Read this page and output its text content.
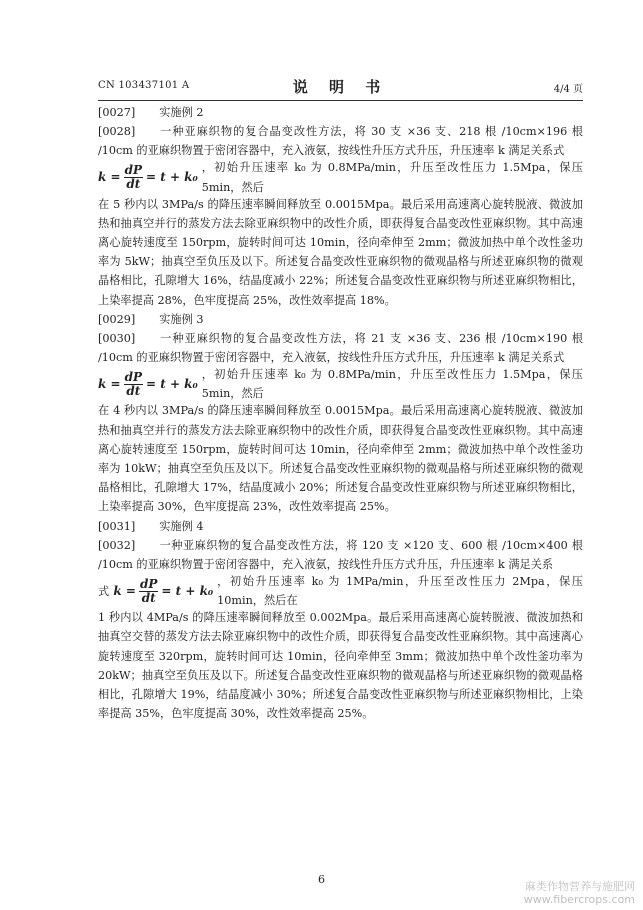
CN 103437101 A	说 明 书	4/4 页

[0027] 实施例 2

[0028] 一种亚麻织物的复合晶变改性方法，将 30 支 ×36 支、218 根 /10cm×196 根 /10cm 的亚麻织物置于密闭容器中，充入液氨，按线性升压方式升压，升压速率 k 满足关系式

k
= $\frac{dP}{dt} = t + k_0$
，初始升压速率 k₀ 为 0.8MPa/min，升压至改性压力 1.5Mpa，保压 5min，然后

在 5 秒内以 3MPa/s 的降压速率瞬间释放至 0.0015Mpa。最后采用高速离心旋转脱液、微波加热和抽真空并行的蒸发方法去除亚麻织物中的改性介质，即获得复合晶变改性亚麻织物。其中高速离心旋转速度至 150rpm，旋转时间可达 10min，径向牵伸至 2mm；微波加热中单个改性釜功率为 5kW；抽真空至负压及以下。所述复合晶变改性亚麻织物的微观晶格与所述亚麻织物的微观晶格相比，孔隙增大 16%，结晶度减小 22%；所述复合晶变改性亚麻织物与所述亚麻织物相比，上染率提高 28%，色牢度提高 25%，改性效率提高 18%。

[0029] 实施例 3

[0030] 一种亚麻织物的复合晶变改性方法，将 21 支 ×36 支、236 根 /10cm×190 根 /10cm 的亚麻织物置于密闭容器中，充入液氨，按线性升压方式升压，升压速率 k 满足关系式

k
= $\frac{dP}{dt} = t + k_0$
，初始升压速率 k₀ 为 0.8MPa/min，升压至改性压力 1.5Mpa，保压 5min，然后

在 4 秒内以 3MPa/s 的降压速率瞬间释放至 0.0015Mpa。最后采用高速离心旋转脱液、微波加热和抽真空并行的蒸发方法去除亚麻织物中的改性介质，即获得复合晶变改性亚麻织物。其中高速离心旋转速度至 150rpm，旋转时间可达 10min，径向牵伸至 2mm；微波加热中单个改性釜功率为 10kW；抽真空至负压及以下。所述复合晶变改性亚麻织物的微观晶格与所述亚麻织物的微观晶格相比，孔隙增大 17%，结晶度减小 20%；所述复合晶变改性亚麻织物与所述亚麻织物相比，上染率提高 30%，色牢度提高 23%，改性效率提高 25%。

[0031] 实施例 4

[0032] 一种亚麻织物的复合晶变改性方法，将 120 支 ×120 支、600 根 /10cm×400 根 /10cm 的亚麻织物置于密闭容器中，充入液氨，按线性升压方式升压，升压速率 k 满足关系

式
k
= $\frac{dP}{dt} = t + k_0$
，初始升压速率 k₀ 为 1MPa/min，升压至改性压力 2Mpa，保压 10min，然后在

1 秒内以 4MPa/s 的降压速率瞬间释放至 0.002Mpa。最后采用高速离心旋转脱液、微波加热和抽真空交替的蒸发方法去除亚麻织物中的改性介质，即获得复合晶变改性亚麻织物。其中高速离心旋转速度至 320rpm，旋转时间可达 10min，径向牵伸至 3mm；微波加热中单个改性釜功率为 20kW；抽真空至负压及以下。所述复合晶变改性亚麻织物的微观晶格与所述亚麻织物的微观晶格相比，孔隙增大 19%，结晶度减小 30%；所述复合晶变改性亚麻织物与所述亚麻织物相比，上染率提高 35%，色牢度提高 30%，改性效率提高 25%。

6
麻类作物营养与施肥网
www.fibercrops.com
